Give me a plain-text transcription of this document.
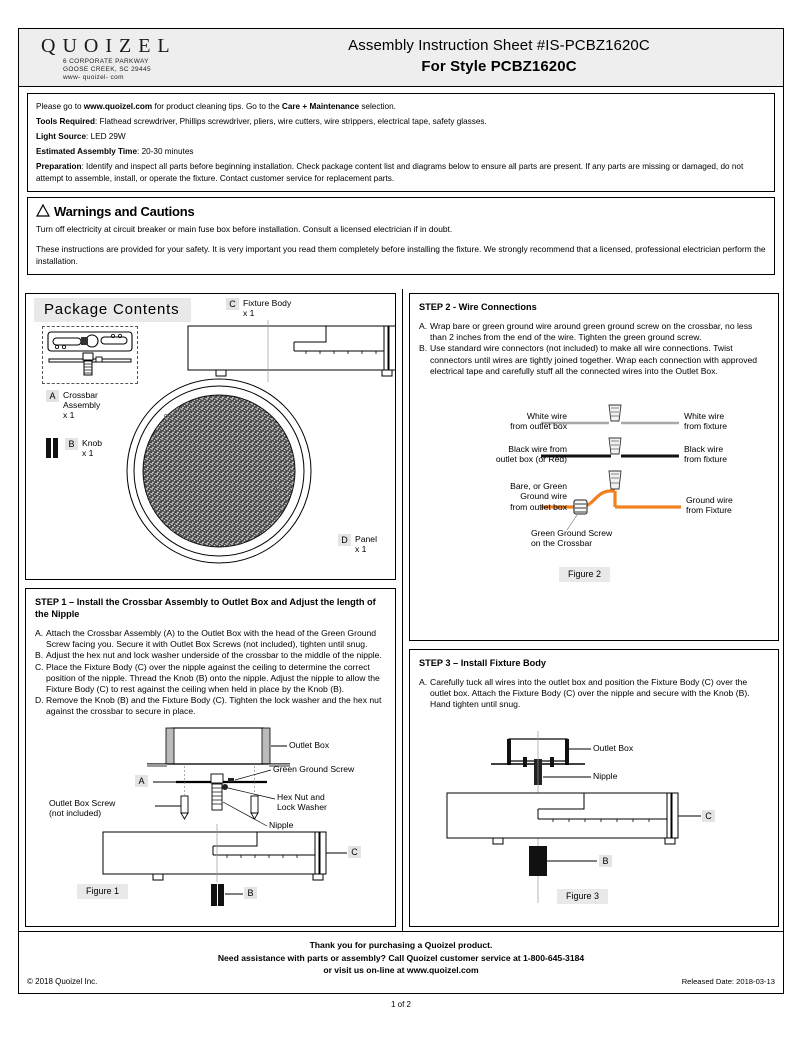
QUOIZEL
6 CORPORATE PARKWAY
GOOSE CREEK, SC 29445
www- quoizel- com
Assembly Instruction Sheet #IS-PCBZ1620C
For Style PCBZ1620C

Please go to www.quoizel.com for product cleaning tips. Go to the Care + Maintenance selection.

Tools Required: Flathead screwdriver, Phillips screwdriver, pliers, wire cutters, wire strippers, electrical tape, safety glasses.

Light Source: LED 29W

Estimated Assembly Time: 20-30 minutes

Preparation: Identify and inspect all parts before beginning installation. Check package content list and diagrams below to ensure all parts are present. If any parts are missing or damaged, do not attempt to assemble, install, or operate the fixture. Contact customer service for replacement parts.

Warnings and Cautions

Turn off electricity at circuit breaker or main fuse box before installation. Consult a licensed electrician if in doubt.

These instructions are provided for your safety. It is very important you read them completely before installing the fixture. We strongly recommend that a licensed, professional electrician perform the installation.

Package Contents
A Crossbar
Assembly
x 1
B Knob
x 1
C Fixture Body
x 1
D Panel
x 1
STEP 1 – Install the Crossbar Assembly to Outlet Box and Adjust the length of the Nipple
A. Attach the Crossbar Assembly (A) to the Outlet Box with the head of the Green Ground Screw facing you. Secure it with Outlet Box Screws (not included), tighten until snug.
B. Adjust the hex nut and lock washer underside of the crossbar to the middle of the nipple.
C. Place the Fixture Body (C) over the nipple against the ceiling to determine the correct position of the nipple. Thread the Knob (B) onto the nipple. Adjust the nipple to allow the Fixture Body (C) to rest against the ceiling when held in place by the Knob (B).
D. Remove the Knob (B) and the Fixture Body (C). Tighten the lock washer and the hex nut against the crossbar to secure in place.
Outlet Box
Green Ground Screw
Hex Nut and
Lock Washer
Nipple
Outlet Box Screw
(not included)
A
B
C
Figure 1
STEP 2 - Wire Connections
A. Wrap bare or green ground wire around green ground screw on the crossbar, no less than 2 inches from the end of the wire. Tighten the green ground screw.
B. Use standard wire connectors (not included) to make all wire connections. Twist connectors until wires are tightly joined together. Wrap each connection with approved electrical tape and carefully stuff all the connected wires into the Outlet Box.
White wire
from outlet box
White wire
from fixture
Black wire from
outlet box (or Red)
Black wire
from fixture
Bare, or Green
Ground wire
from outlet box
Ground wire
from Fixture
Green Ground Screw
on the Crossbar
Figure 2
STEP 3 – Install Fixture Body
A. Carefully tuck all wires into the outlet box and position the Fixture Body (C) over the outlet box. Attach the Fixture Body (C) over the nipple and secure with the Knob (B). Hand tighten until snug.
Outlet Box
Nipple
B
C
Figure 3
Thank you for purchasing a Quoizel product.
Need assistance with parts or assembly? Call Quoizel customer service at 1-800-645-3184
or visit us on-line at www.quoizel.com
© 2018 Quoizel Inc.	Released Date: 2018-03-13
1 of 2
